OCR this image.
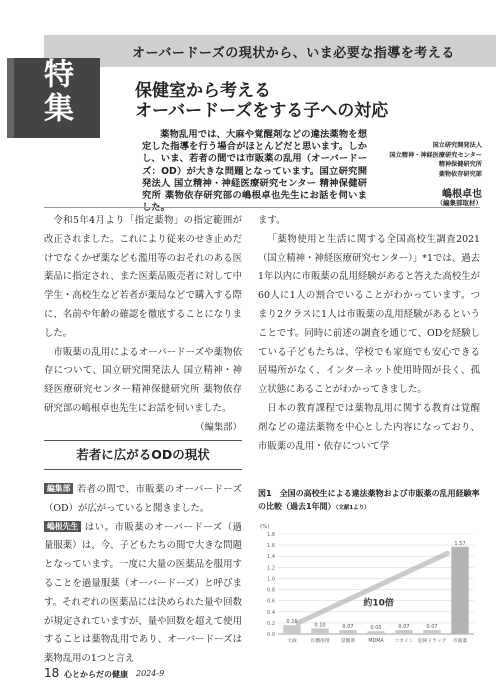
オーバードーズの現状から、いま必要な指導を考える
特集	保健室から考える
オーバードーズをする子への対応
薬物乱用では、大麻や覚醒剤などの違法薬物を想定した指導を行う場合がほとんどだと思います。しかし、いま、若者の間では市販薬の乱用（オーバードーズ：OD）が大きな問題となっています。国立研究開発法人 国立精神・神経医療研究センター 精神保健研究所 薬物依存研究部の嶋根卓也先生にお話を伺いま
国立研究開発法人
国立精神・神経医療研究センター
精神保健研究所
薬物依存研究部
嶋根卓也
（編集部取材）

令和5年4月より「指定薬物」の指定範囲が改正されました。これにより従来のせき止めだけでなくかぜ薬なども濫用等のおそれのある医薬品に指定され、また医薬品販売者に対して中学生・高校生など若者が薬局などで購入する際に、名前や年齢の確認を徹底することになりました。

市販薬の乱用によるオーバードーズや薬物依存について、国立研究開発法人 国立精神・神経医療研究センター精神保健研究所 薬物依存研究部の嶋根卓也先生にお話を伺いました。

（編集部）

若者に広がるODの現状

編集部 若者の間で、市販薬のオーバードーズ（OD）が広がっていると聞きました。

嶋根先生 はい。市販薬のオーバードーズ（過量服薬）は、今、子どもたちの間で大きな問題となっています。一度に大量の医薬品を服用することを過量服薬（オーバードーズ）と呼びます。それぞれの医薬品には決められた量や回数が規定されていますが、量や回数を超えて使用することは薬物乱用であり、オーバードーズは薬物乱用の1つと言え

ます。

「薬物使用と生活に関する全国高校生調査2021（国立精神・神経医療研究センター）」*1では、過去1年以内に市販薬の乱用経験があると答えた高校生が60人に1人の割合でいることがわかっています。つまり2クラスに1人は市販薬の乱用経験があるということです。同時に前述の調査を通じて、ODを経験している子どもたちは、学校でも家庭でも安心できる居場所がなく、インターネット使用時間が長く、孤立状態にあることがわかってきました。

日本の教育課程では薬物乱用に関する教育は覚醒剤などの違法薬物を中心とした内容になっており、市販薬の乱用・依存について学

図1　全国の高校生による違法薬物および市販薬の乱用経験率の比較（過去1年間）（文献1より）
(%)
0.0
0.2
0.4
0.6
0.8
1.0
1.2
1.4
1.6
1.8
0.16
大麻
0.10
有機溶剤
0.07
覚醒剤
0.05
MDMA
0.07
コカイン
0.07
危険ドラッグ
1.57
市販薬
約10倍
18 心とからだの健康 2024-9
